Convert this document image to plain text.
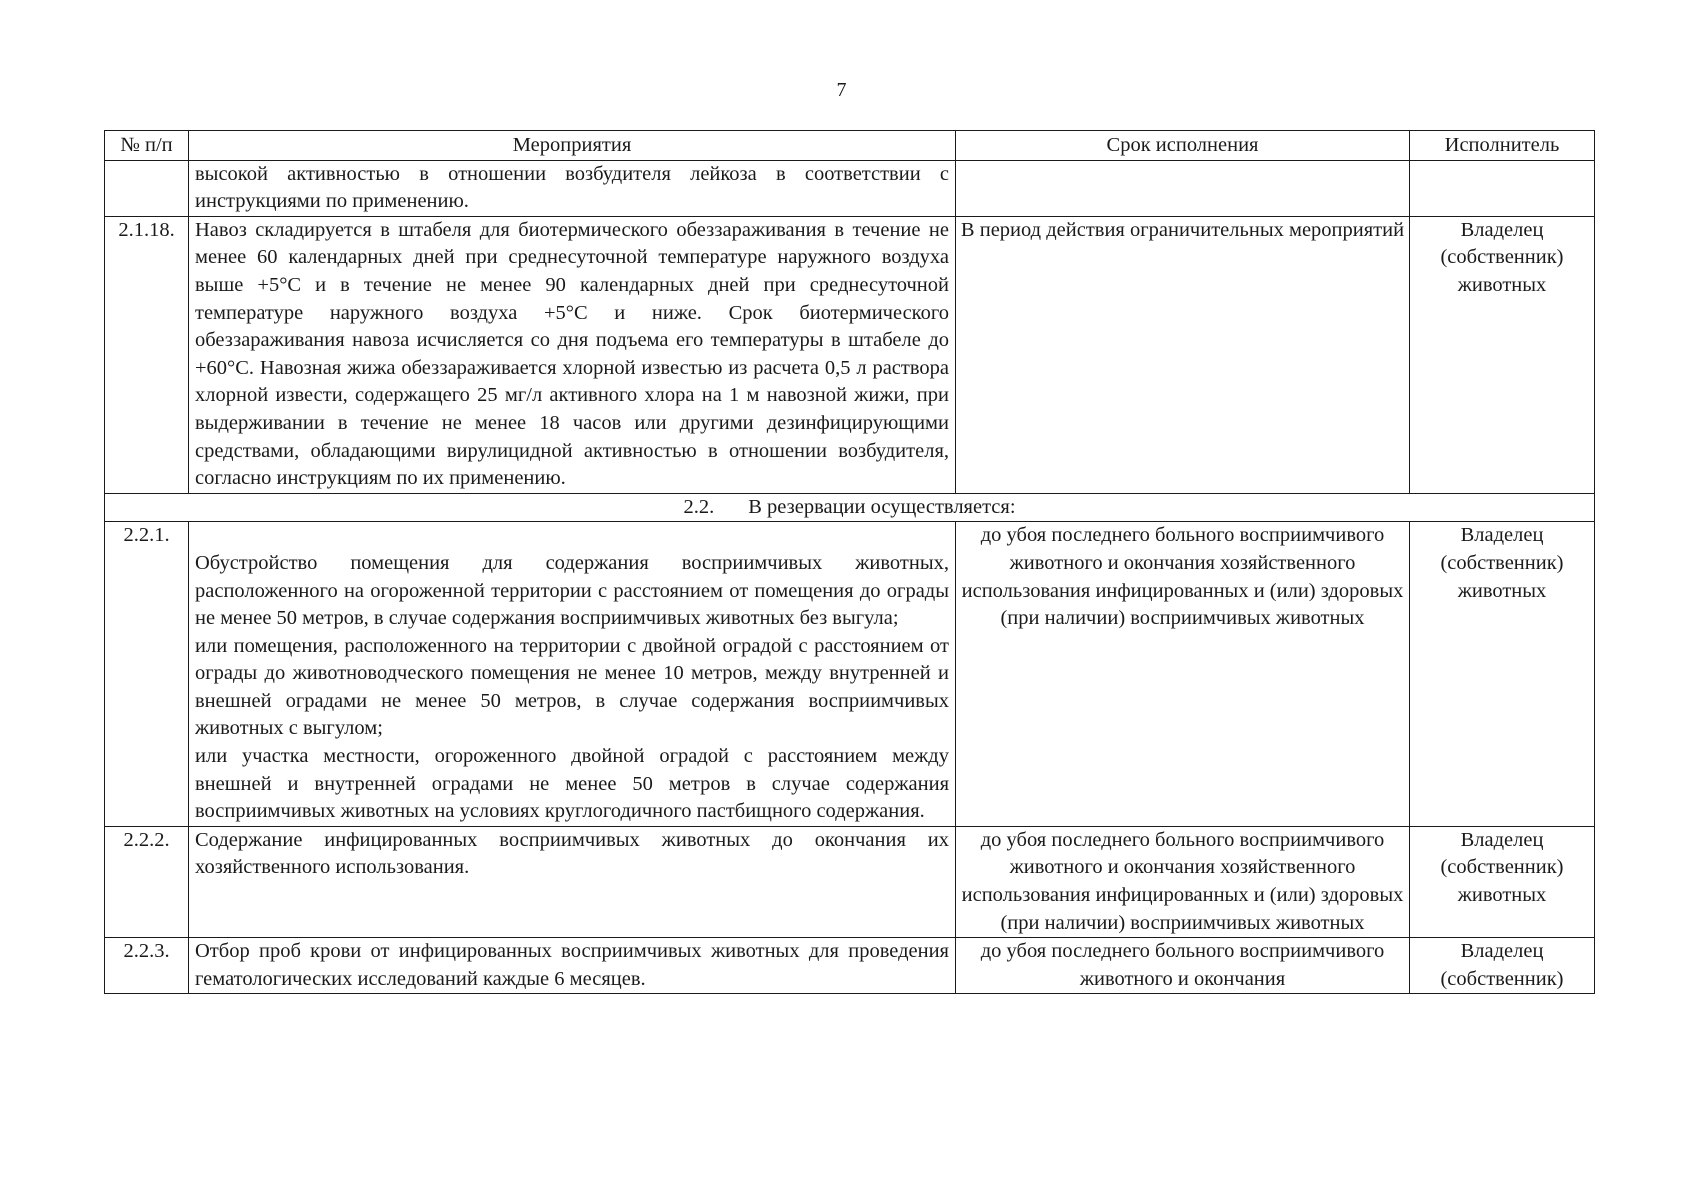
7
№ п/п	Мероприятия	Срок исполнения	Исполнитель
	высокой активностью в отношении возбудителя лейкоза в соответствии с инструкциями по применению.		
2.1.18.	Навоз складируется в штабеля для биотермического обеззараживания в течение не менее 60 календарных дней при среднесуточной температуре наружного воздуха выше +5°С и в течение не менее 90 календарных дней при среднесуточной температуре наружного воздуха +5°С и ниже. Срок биотермического обеззараживания навоза исчисляется со дня подъема его температуры в штабеле до +60°С. Навозная жижа обеззараживается хлорной известью из расчета 0,5 л раствора хлорной извести, содержащего 25 мг/л активного хлора на 1 м навозной жижи, при выдерживании в течение не менее 18 часов или другими дезинфицирующими средствами, обладающими вирулицидной активностью в отношении возбудителя, согласно инструкциям по их применению.	В период действия ограничительных мероприятий	Владелец (собственник) животных
2.2. В резервации осуществляется:			
2.2.1.	Обустройство помещения для содержания восприимчивых животных, расположенного на огороженной территории с расстоянием от помещения до ограды не менее 50 метров, в случае содержания восприимчивых животных без выгула;
или помещения, расположенного на территории с двойной оградой с расстоянием от ограды до животноводческого помещения не менее 10 метров, между внутренней и внешней оградами не менее 50 метров, в случае содержания восприимчивых животных с выгулом;
или участка местности, огороженного двойной оградой с расстоянием между внешней и внутренней оградами не менее 50 метров в случае содержания восприимчивых животных на условиях круглогодичного пастбищного содержания.	до убоя последнего больного восприимчивого животного и окончания хозяйственного использования инфицированных и (или) здоровых (при наличии) восприимчивых животных	Владелец (собственник) животных
2.2.2.	Содержание инфицированных восприимчивых животных до окончания их хозяйственного использования.	до убоя последнего больного восприимчивого животного и окончания хозяйственного использования инфицированных и (или) здоровых (при наличии) восприимчивых животных	Владелец (собственник) животных
2.2.3.	Отбор проб крови от инфицированных восприимчивых животных для проведения гематологических исследований каждые 6 месяцев.	до убоя последнего больного восприимчивого животного и окончания	Владелец (собственник)
